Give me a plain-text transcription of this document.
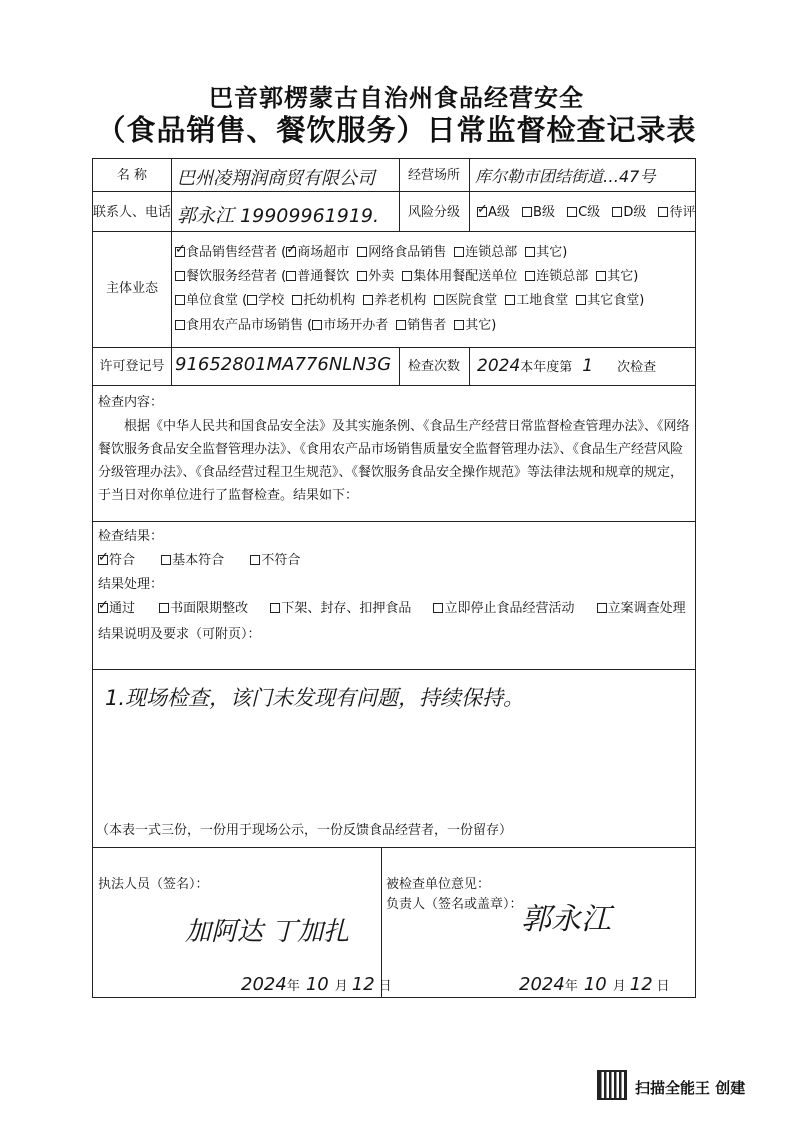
巴音郭楞蒙古自治州食品经营安全
（食品销售、餐饮服务）日常监督检查记录表
名 称	巴州凌翔润商贸有限公司	经营场所 库尔勒市团结街道…47号
联系人、电话 郭永江 19909961919.	风险分级 ✓	A级 B级 C级 D级 待评
主体业态
✓食品销售经营者 ( ✓ 商场超市 网络食品销售 连锁总部 其它)
餐饮服务经营者 ( 普通餐饮 外卖 集体用餐配送单位 连锁总部 其它)
单位食堂 ( 学校 托幼机构 养老机构 医院食堂 工地食堂 其它食堂)
食用农产品市场销售 ( 市场开办者 销售者 其它)
许可登记号 91652801MA776NLN3G	检查次数	2024本年度第 1 次检查
检查内容：
根据《中华人民共和国食品安全法》及其实施条例、《食品生产经营日常监督检查管理办法》、《网络餐饮服务食品安全监督管理办法》、《食用农产品市场销售质量安全监督管理办法》、《食品生产经营风险分级管理办法》、《食品经营过程卫生规范》、《餐饮服务食品安全操作规范》等法律法规和规章的规定，于当日对你单位进行了监督检查。结果如下：
检查结果：
✓符合	基本符合	不符合
结果处理：
✓通过	书面限期整改	下架、封存、扣押食品	立即停止食品经营活动	立案调查处理
结果说明及要求（可附页）：
1.现场检查，该门未发现有问题，持续保持。
（本表一式三份，一份用于现场公示，一份反馈食品经营者，一份留存）
执法人员（签名）：
加阿达 丁加扎
2024年 10 月 12 日
被检查单位意见：
负责人（签名或盖章）：
郭永江
2024年 10 月 12 日
扫描全能王 创建
